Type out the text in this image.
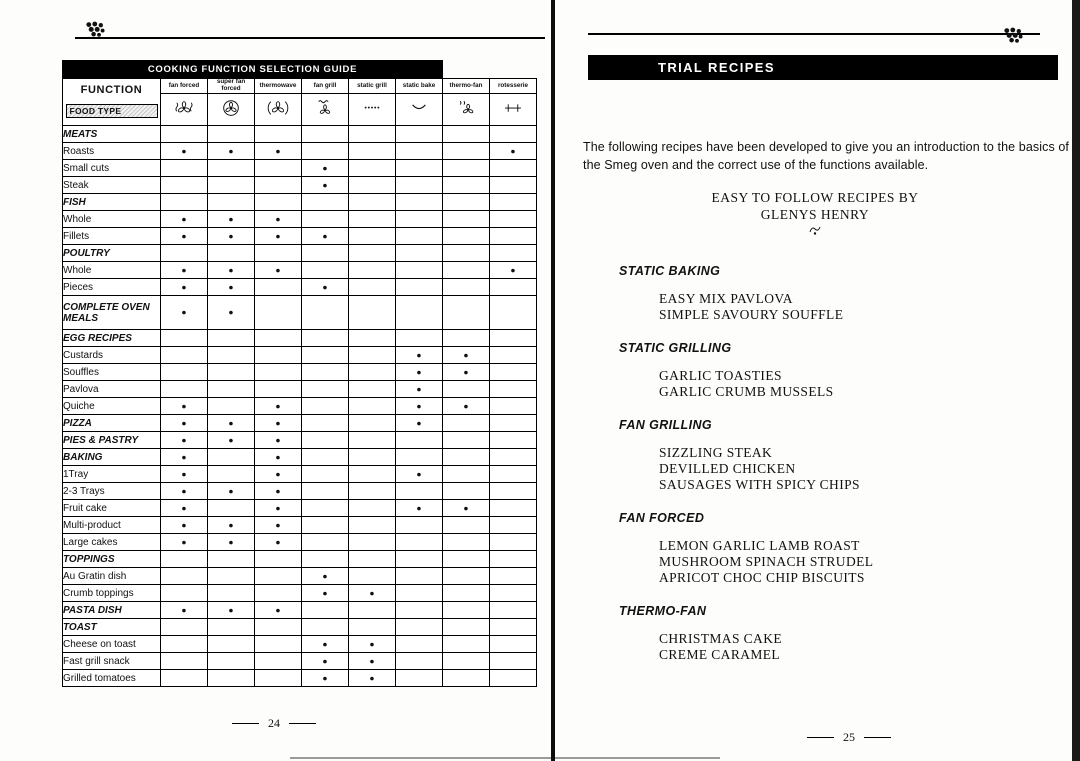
COOKING FUNCTION SELECTION GUIDE								

FUNCTION
FOOD TYPE	fan forced	super fan forced	thermowave	fan grill	static grill	static bake	thermo-fan	rotesserie

MEATS								
Roasts	●	●	●					●
Small cuts				●				
Steak				●				
FISH								
Whole	●	●	●					
Fillets	●	●	●	●				
POULTRY								
Whole	●	●	●					●
Pieces	●	●		●				
COMPLETE OVEN MEALS	●	●						
EGG RECIPES								
Custards						●	●	
Souffles						●	●	
Pavlova						●		
Quiche	●		●			●	●	
PIZZA	●	●	●			●		
PIES & PASTRY	●	●	●					
BAKING	●		●					
1Tray	●		●			●		
2-3 Trays	●	●	●					
Fruit cake	●		●			●	●	
Multi-product	●	●	●					
Large cakes	●	●	●					
TOPPINGS								
Au Gratin dish				●				
Crumb toppings				●	●			
PASTA DISH	●	●	●					
TOAST								
Cheese on toast				●	●			
Fast grill snack				●	●			
Grilled tomatoes				●	●			
24
TRIAL RECIPES

The following recipes have been developed to give you an introduction to the basics of the Smeg oven and the correct use of the functions available.

EASY TO FOLLOW RECIPES BY
GLENYS HENRY
STATIC BAKING
EASY MIX PAVLOVA
SIMPLE SAVOURY SOUFFLE
STATIC GRILLING
GARLIC TOASTIES
GARLIC CRUMB MUSSELS
FAN GRILLING
SIZZLING STEAK
DEVILLED CHICKEN
SAUSAGES WITH SPICY CHIPS
FAN FORCED
LEMON GARLIC LAMB ROAST
MUSHROOM SPINACH STRUDEL
APRICOT CHOC CHIP BISCUITS
THERMO-FAN
CHRISTMAS CAKE
CREME CARAMEL
25
